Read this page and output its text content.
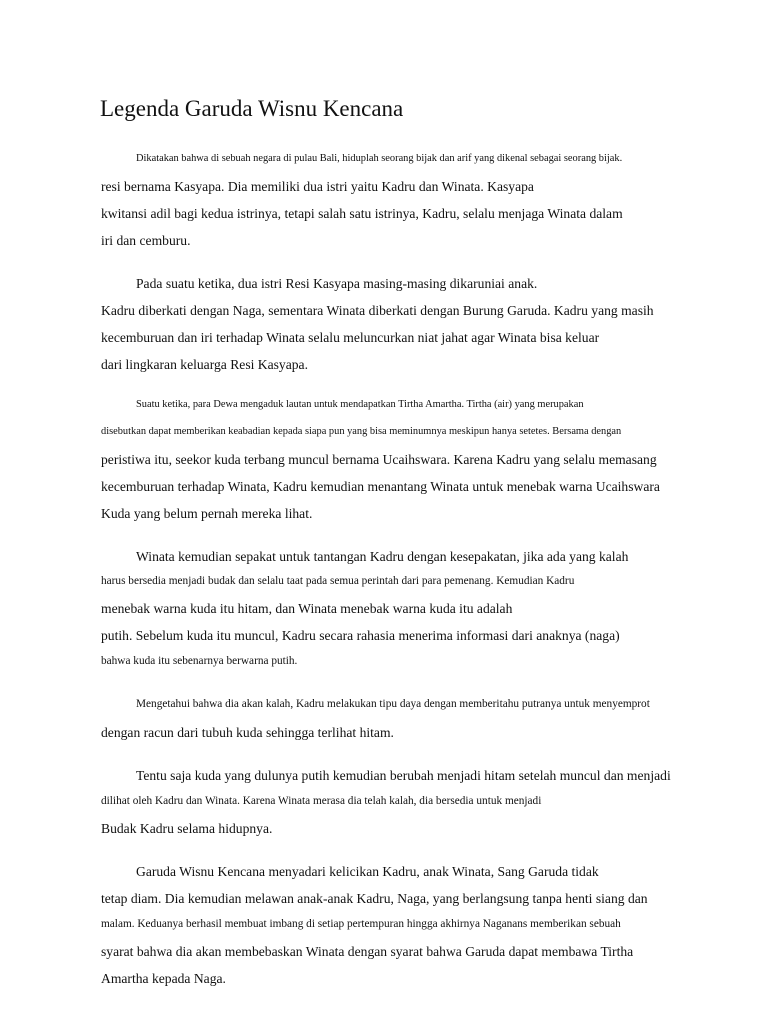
Legenda Garuda Wisnu Kencana
Dikatakan bahwa di sebuah negara di pulau Bali, hiduplah seorang bijak dan arif yang dikenal sebagai seorang bijak.
resi bernama Kasyapa. Dia memiliki dua istri yaitu Kadru dan Winata. Kasyapa
kwitansi adil bagi kedua istrinya, tetapi salah satu istrinya, Kadru, selalu menjaga Winata dalam
iri dan cemburu.
Pada suatu ketika, dua istri Resi Kasyapa masing-masing dikaruniai anak.
Kadru diberkati dengan Naga, sementara Winata diberkati dengan Burung Garuda. Kadru yang masih
kecemburuan dan iri terhadap Winata selalu meluncurkan niat jahat agar Winata bisa keluar
dari lingkaran keluarga Resi Kasyapa.
Suatu ketika, para Dewa mengaduk lautan untuk mendapatkan Tirtha Amartha. Tirtha (air) yang merupakan
disebutkan dapat memberikan keabadian kepada siapa pun yang bisa meminumnya meskipun hanya setetes. Bersama dengan
peristiwa itu, seekor kuda terbang muncul bernama Ucaihswara. Karena Kadru yang selalu memasang
kecemburuan terhadap Winata, Kadru kemudian menantang Winata untuk menebak warna Ucaihswara
Kuda yang belum pernah mereka lihat.
Winata kemudian sepakat untuk tantangan Kadru dengan kesepakatan, jika ada yang kalah
harus bersedia menjadi budak dan selalu taat pada semua perintah dari para pemenang. Kemudian Kadru
menebak warna kuda itu hitam, dan Winata menebak warna kuda itu adalah
putih. Sebelum kuda itu muncul, Kadru secara rahasia menerima informasi dari anaknya (naga)
bahwa kuda itu sebenarnya berwarna putih.
Mengetahui bahwa dia akan kalah, Kadru melakukan tipu daya dengan memberitahu putranya untuk menyemprot
dengan racun dari tubuh kuda sehingga terlihat hitam.
Tentu saja kuda yang dulunya putih kemudian berubah menjadi hitam setelah muncul dan menjadi
dilihat oleh Kadru dan Winata. Karena Winata merasa dia telah kalah, dia bersedia untuk menjadi
Budak Kadru selama hidupnya.
Garuda Wisnu Kencana menyadari kelicikan Kadru, anak Winata, Sang Garuda tidak
tetap diam. Dia kemudian melawan anak-anak Kadru, Naga, yang berlangsung tanpa henti siang dan
malam. Keduanya berhasil membuat imbang di setiap pertempuran hingga akhirnya Naganans memberikan sebuah
syarat bahwa dia akan membebaskan Winata dengan syarat bahwa Garuda dapat membawa Tirtha
Amartha kepada Naga.
